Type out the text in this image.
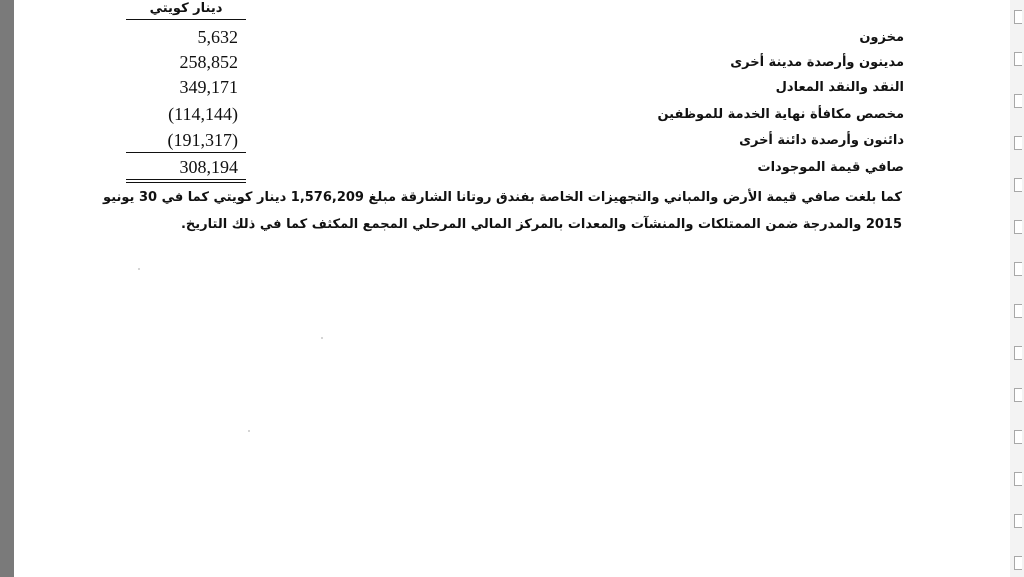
دينار كويتي
مخزون
5,632
مدينون وأرصدة مدينة أخرى
258,852
النقد والنقد المعادل
349,171
مخصص مكافأة نهاية الخدمة للموظفين
(114,144)
دائنون وأرصدة دائنة أخرى
(191,317)
صافي قيمة الموجودات
308,194
كما بلغت صافي قيمة الأرض والمباني والتجهيزات الخاصة بفندق روتانا الشارقة مبلغ 1,576,209 دينار كويتي كما في 30 يونيو
2015 والمدرجة ضمن الممتلكات والمنشآت والمعدات بالمركز المالي المرحلي المجمع المكثف كما في ذلك التاريخ.
